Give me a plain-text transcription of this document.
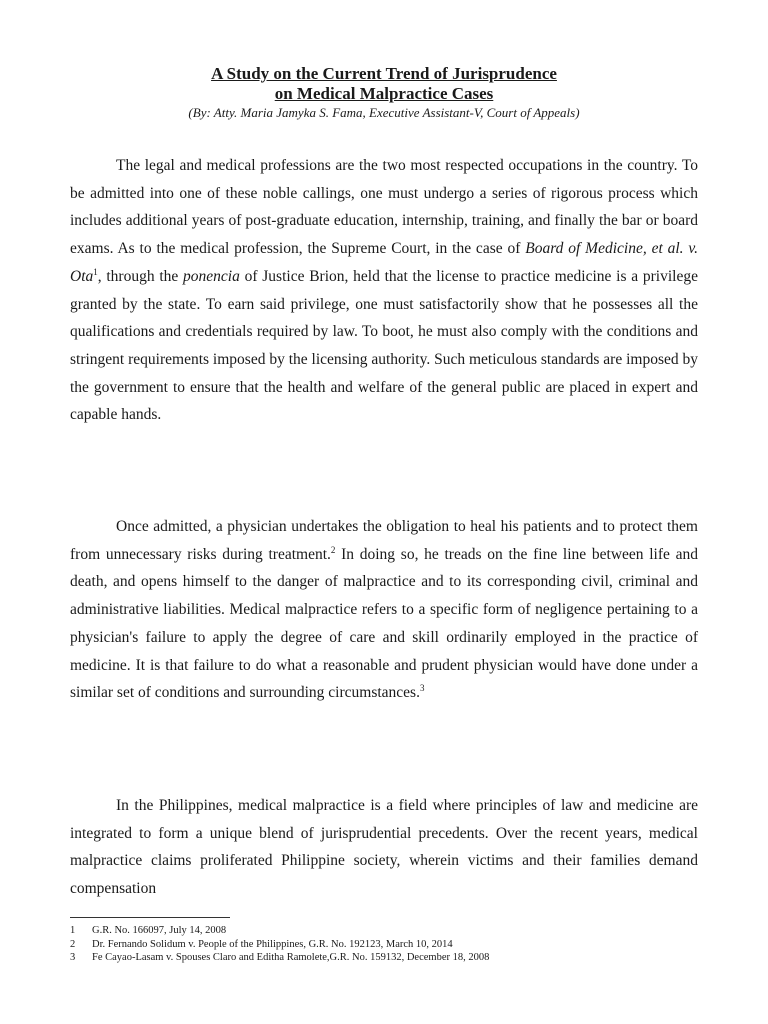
A Study on the Current Trend of Jurisprudence
on Medical Malpractice Cases

(By: Atty. Maria Jamyka S. Fama, Executive Assistant-V, Court of Appeals)

The legal and medical professions are the two most respected occupations in the country. To be admitted into one of these noble callings, one must undergo a series of rigorous process which includes additional years of post-graduate education, internship, training, and finally the bar or board exams. As to the medical profession, the Supreme Court, in the case of Board of Medicine, et al. v. Ota$^1$, through the ponencia of Justice Brion, held that the license to practice medicine is a privilege granted by the state. To earn said privilege, one must satisfactorily show that he possesses all the qualifications and credentials required by law. To boot, he must also comply with the conditions and stringent requirements imposed by the licensing authority. Such meticulous standards are imposed by the government to ensure that the health and welfare of the general public are placed in expert and capable hands.

Once admitted, a physician undertakes the obligation to heal his patients and to protect them from unnecessary risks during treatment.$^2$ In doing so, he treads on the fine line between life and death, and opens himself to the danger of malpractice and to its corresponding civil, criminal and administrative liabilities. Medical malpractice refers to a specific form of negligence pertaining to a physician's failure to apply the degree of care and skill ordinarily employed in the practice of medicine. It is that failure to do what a reasonable and prudent physician would have done under a similar set of conditions and surrounding circumstances.$^3$

In the Philippines, medical malpractice is a field where principles of law and medicine are integrated to form a unique blend of jurisprudential precedents. Over the recent years, medical malpractice claims proliferated Philippine society, wherein victims and their families demand compensation

1	G.R. No. 166097, July 14, 2008
2	Dr. Fernando Solidum v. People of the Philippines, G.R. No. 192123, March 10, 2014
3	Fe Cayao-Lasam v. Spouses Claro and Editha Ramolete,G.R. No. 159132, December 18, 2008
